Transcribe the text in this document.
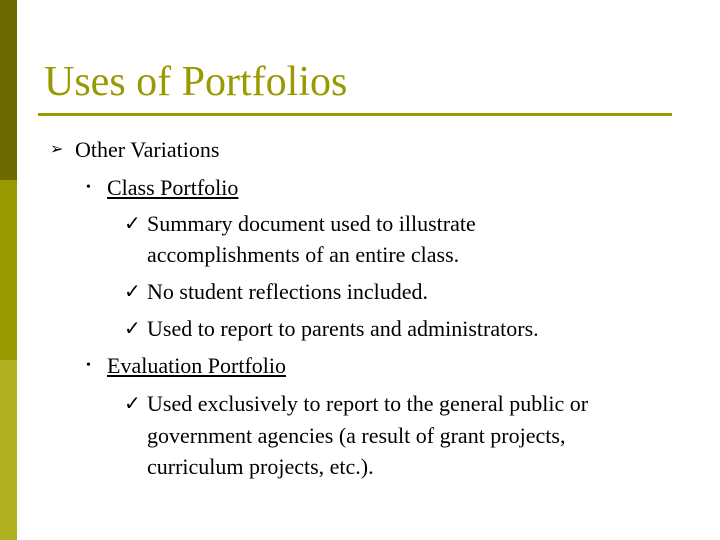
Uses of Portfolios
➢ Other Variations
• Class Portfolio
✓ Summary document used to illustrate
accomplishments of an entire class.
✓ No student reflections included.
✓ Used to report to parents and administrators.
• Evaluation Portfolio
✓ Used exclusively to report to the general public or
government agencies (a result of grant projects,
curriculum projects, etc.).
